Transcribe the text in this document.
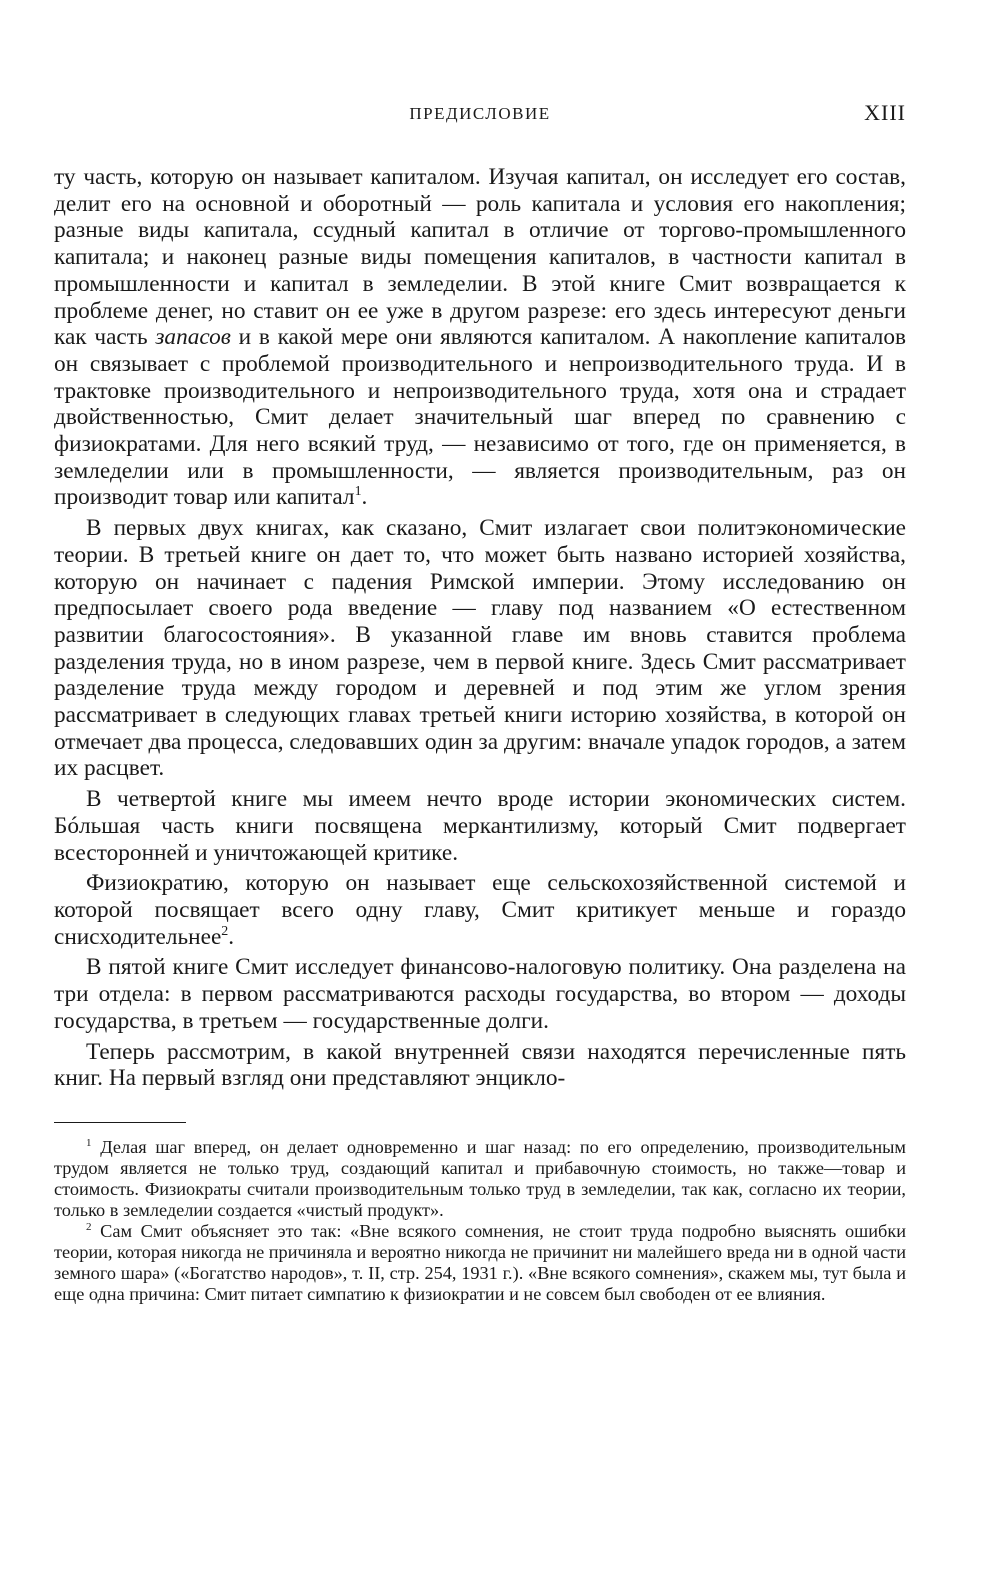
ПРЕДИСЛОВИЕ	XIII

ту часть, которую он называет капиталом. Изучая капитал, он исследует его состав, делит его на основной и оборотный — роль капитала и условия его накопления; разные виды капитала, ссудный капитал в отличие от торгово-промышленного капитала; и наконец разные виды помещения капиталов, в частности капитал в промышленности и капитал в земледелии. В этой книге Смит возвращается к проблеме денег, но ставит он ее уже в другом разрезе: его здесь интересуют деньги как часть запасов и в какой мере они являются капиталом. А накопление капиталов он связывает с проблемой производительного и непроизводительного труда. И в трактовке производительного и непроизводительного труда, хотя она и страдает двойственностью, Смит делает значительный шаг вперед по сравнению с физиократами. Для него всякий труд, — независимо от того, где он применяется, в земледелии или в промышленности, — является производительным, раз он производит товар или капитал$^1$.

В первых двух книгах, как сказано, Смит излагает свои политэкономические теории. В третьей книге он дает то, что может быть названо историей хозяйства, которую он начинает с падения Римской империи. Этому исследованию он предпосылает своего рода введение — главу под названием «О естественном развитии благосостояния». В указанной главе им вновь ставится проблема разделения труда, но в ином разрезе, чем в первой книге. Здесь Смит рассматривает разделение труда между городом и деревней и под этим же углом зрения рассматривает в следующих главах третьей книги историю хозяйства, в которой он отмечает два процесса, следовавших один за другим: вначале упадок городов, а затем их расцвет.

В четвертой книге мы имеем нечто вроде истории экономических систем. Бóльшая часть книги посвящена меркантилизму, который Смит подвергает всесторонней и уничтожающей критике.

Физиократию, которую он называет еще сельскохозяйственной системой и которой посвящает всего одну главу, Смит критикует меньше и гораздо снисходительнее$^2$.

В пятой книге Смит исследует финансово-налоговую политику. Она разделена на три отдела: в первом рассматриваются расходы государства, во втором — доходы государства, в третьем — государственные долги.

Теперь рассмотрим, в какой внутренней связи находятся перечисленные пять книг. На первый взгляд они представляют энцикло-

$^1$ Делая шаг вперед, он делает одновременно и шаг назад: по его определению, производительным трудом является не только труд, создающий капитал и прибавочную стоимость, но также—товар и стоимость. Физиократы считали производительным только труд в земледелии, так как, согласно их теории, только в земледелии создается «чистый продукт».

$^2$ Сам Смит объясняет это так: «Вне всякого сомнения, не стоит труда подробно выяснять ошибки теории, которая никогда не причиняла и вероятно никогда не причинит ни малейшего вреда ни в одной части земного шара» («Богатство народов», т. II, стр. 254, 1931 г.). «Вне всякого сомнения», скажем мы, тут была и еще одна причина: Смит питает симпатию к физиократии и не совсем был свободен от ее влияния.
